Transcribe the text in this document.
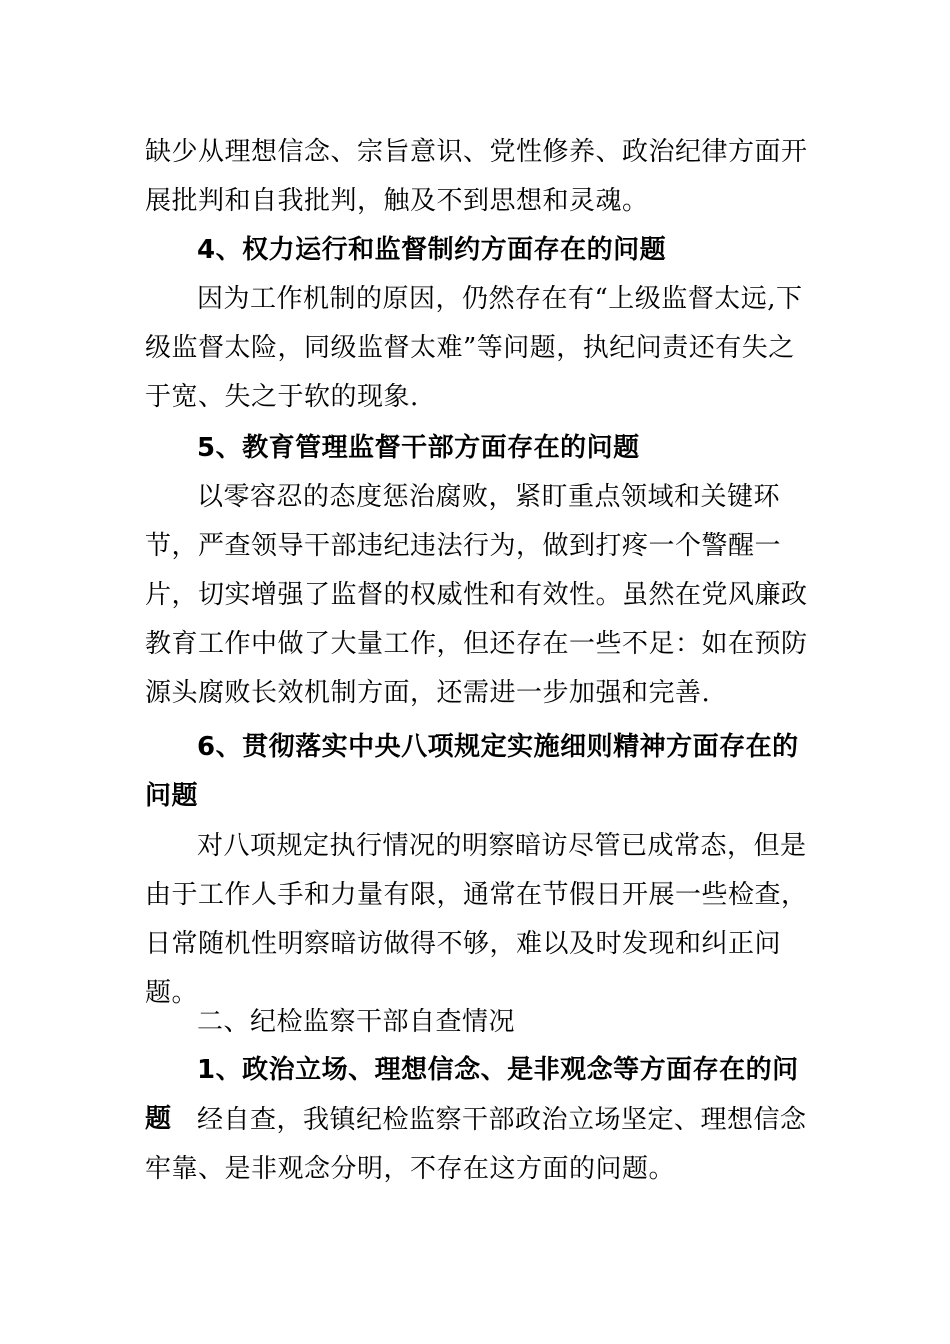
缺少从理想信念、宗旨意识、党性修养、政治纪律方面开展批判和自我批判，触及不到思想和灵魂。

4、权力运行和监督制约方面存在的问题

因为工作机制的原因，仍然存在有“上级监督太远,下级监督太险，同级监督太难”等问题，执纪问责还有失之于宽、失之于软的现象.

5、教育管理监督干部方面存在的问题

以零容忍的态度惩治腐败，紧盯重点领域和关键环节，严查领导干部违纪违法行为，做到打疼一个警醒一片，切实增强了监督的权威性和有效性。虽然在党风廉政教育工作中做了大量工作，但还存在一些不足：如在预防源头腐败长效机制方面，还需进一步加强和完善.

6、贯彻落实中央八项规定实施细则精神方面存在的问题

对八项规定执行情况的明察暗访尽管已成常态，但是由于工作人手和力量有限，通常在节假日开展一些检查，日常随机性明察暗访做得不够，难以及时发现和纠正问题。

二、纪检监察干部自查情况

1、政治立场、理想信念、是非观念等方面存在的问题 经自查，我镇纪检监察干部政治立场坚定、理想信念牢靠、是非观念分明，不存在这方面的问题。
